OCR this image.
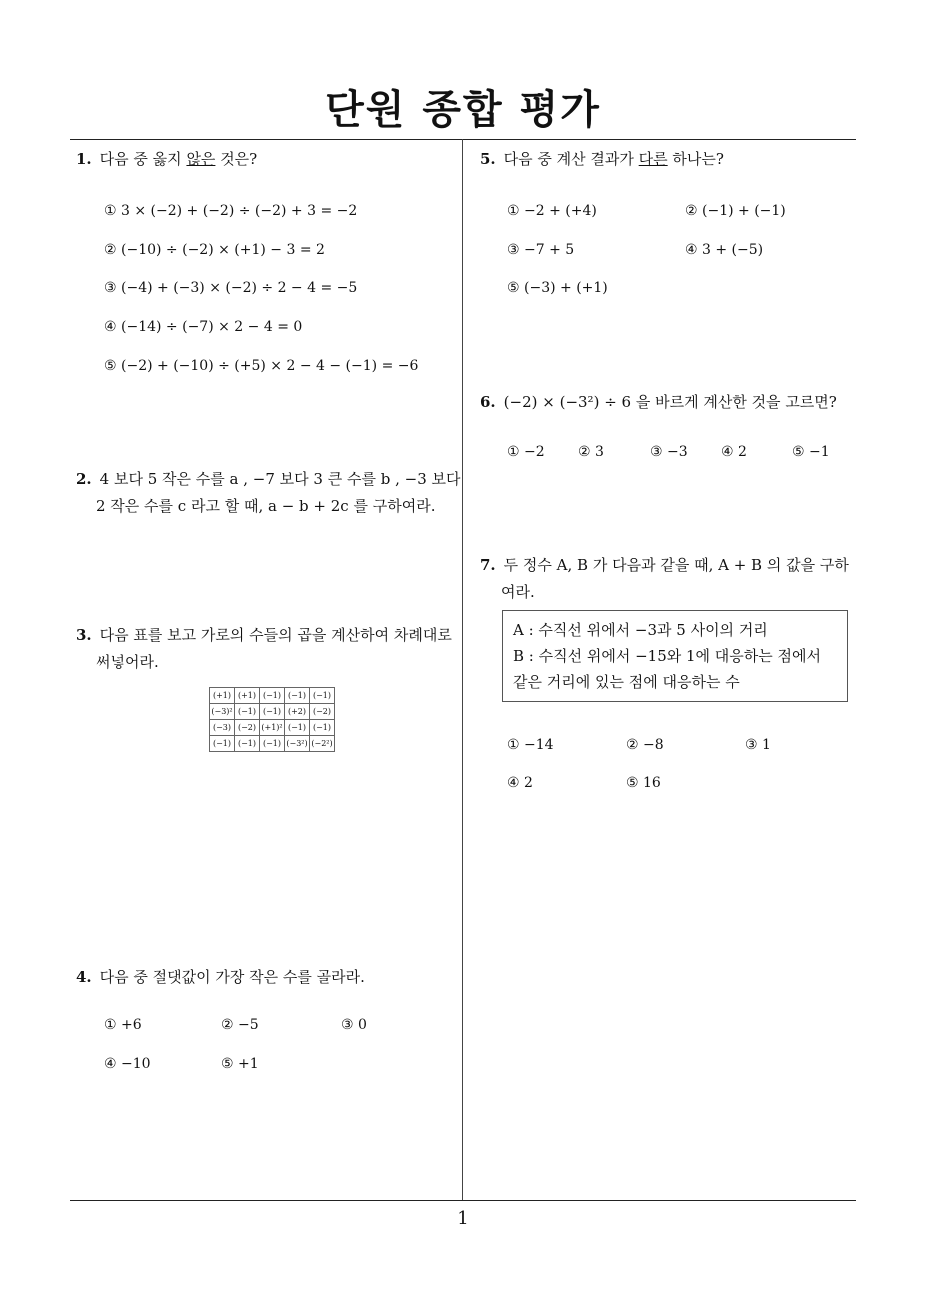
단원 종합 평가
1. 다음 중 옳지 않은 것은?
① 3 × (−2) + (−2) ÷ (−2) + 3 = −2
② (−10) ÷ (−2) × (+1) − 3 = 2
③ (−4) + (−3) × (−2) ÷ 2 − 4 = −5
④ (−14) ÷ (−7) × 2 − 4 = 0
⑤ (−2) + (−10) ÷ (+5) × 2 − 4 − (−1) = −6
2. 4 보다 5 작은 수를 a , −7 보다 3 큰 수를 b , −3 보다
2 작은 수를 c 라고 할 때, a − b + 2c 를 구하여라.
3. 다음 표를 보고 가로의 수들의 곱을 계산하여 차례대로
써넣어라.
(+1)	(+1)	(−1)	(−1)	(−1)
(−3)²	(−1)	(−1)	(+2)	(−2)
(−3)	(−2)	(+1)²	(−1)	(−1)
(−1)	(−1)	(−1)	(−3²)	(−2²)
4. 다음 중 절댓값이 가장 작은 수를 골라라.
① +6	② −5	③ 0
④ −10	⑤ +1
5. 다음 중 계산 결과가 다른 하나는?
① −2 + (+4)	② (−1) + (−1)
③ −7 + 5	④ 3 + (−5)
⑤ (−3) + (+1)
6. (−2) × (−3²) ÷ 6 을 바르게 계산한 것을 고르면?
① −2 ② 3	③ −3 ④ 2	⑤ −1
7. 두 정수 A, B 가 다음과 같을 때, A + B 의 값을 구하
여라.
A : 수직선 위에서 −3과 5 사이의 거리
B : 수직선 위에서 −15와 1에 대응하는 점에서
같은 거리에 있는 점에 대응하는 수
① −14	② −8	③ 1
④ 2	⑤ 16
1
